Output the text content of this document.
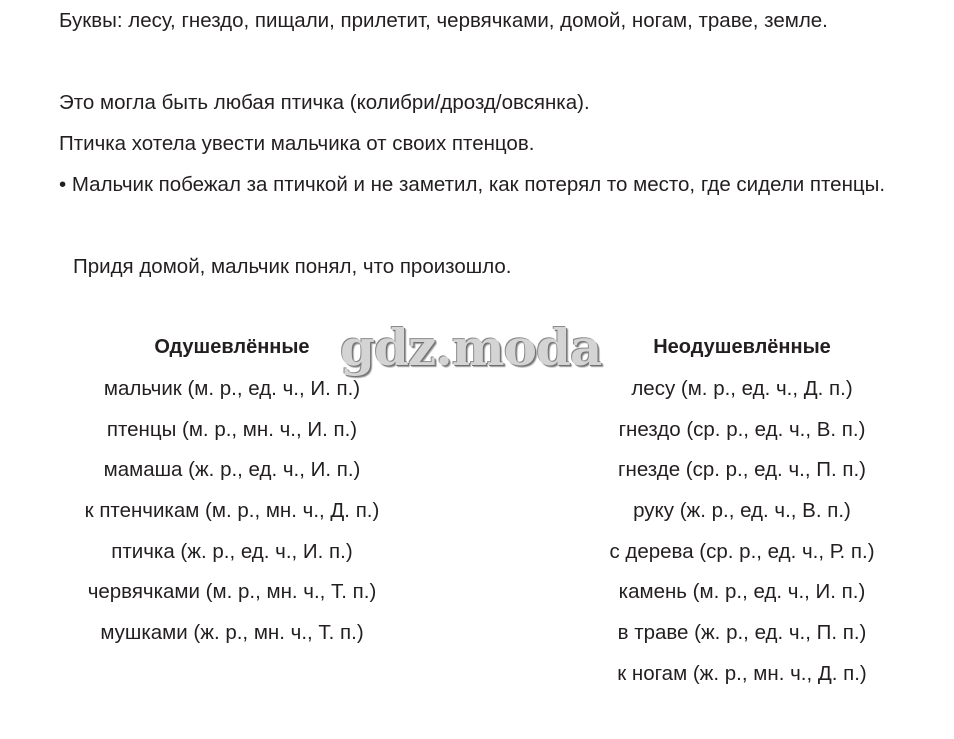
Буквы: лесу, гнездо, пищали, прилетит, червячками, домой, ногам, траве, земле.

Это могла быть любая птичка (колибри/дрозд/овсянка).

Птичка хотела увести мальчика от своих птенцов.

• Мальчик побежал за птичкой и не заметил, как потерял то место, где сидели птенцы.

Придя домой, мальчик понял, что произошло.

Одушевлённые
мальчик (м. р., ед. ч., И. п.)
птенцы (м. р., мн. ч., И. п.)
мамаша (ж. р., ед. ч., И. п.)
к птенчикам (м. р., мн. ч., Д. п.)
птичка (ж. р., ед. ч., И. п.)
червячками (м. р., мн. ч., Т. п.)
мушками (ж. р., мн. ч., Т. п.)
Неодушевлённые
лесу (м. р., ед. ч., Д. п.)
гнездо (ср. р., ед. ч., В. п.)
гнезде (ср. р., ед. ч., П. п.)
руку (ж. р., ед. ч., В. п.)
с дерева (ср. р., ед. ч., Р. п.)
камень (м. р., ед. ч., И. п.)
в траве (ж. р., ед. ч., П. п.)
к ногам (ж. р., мн. ч., Д. п.)
gdz.moda
